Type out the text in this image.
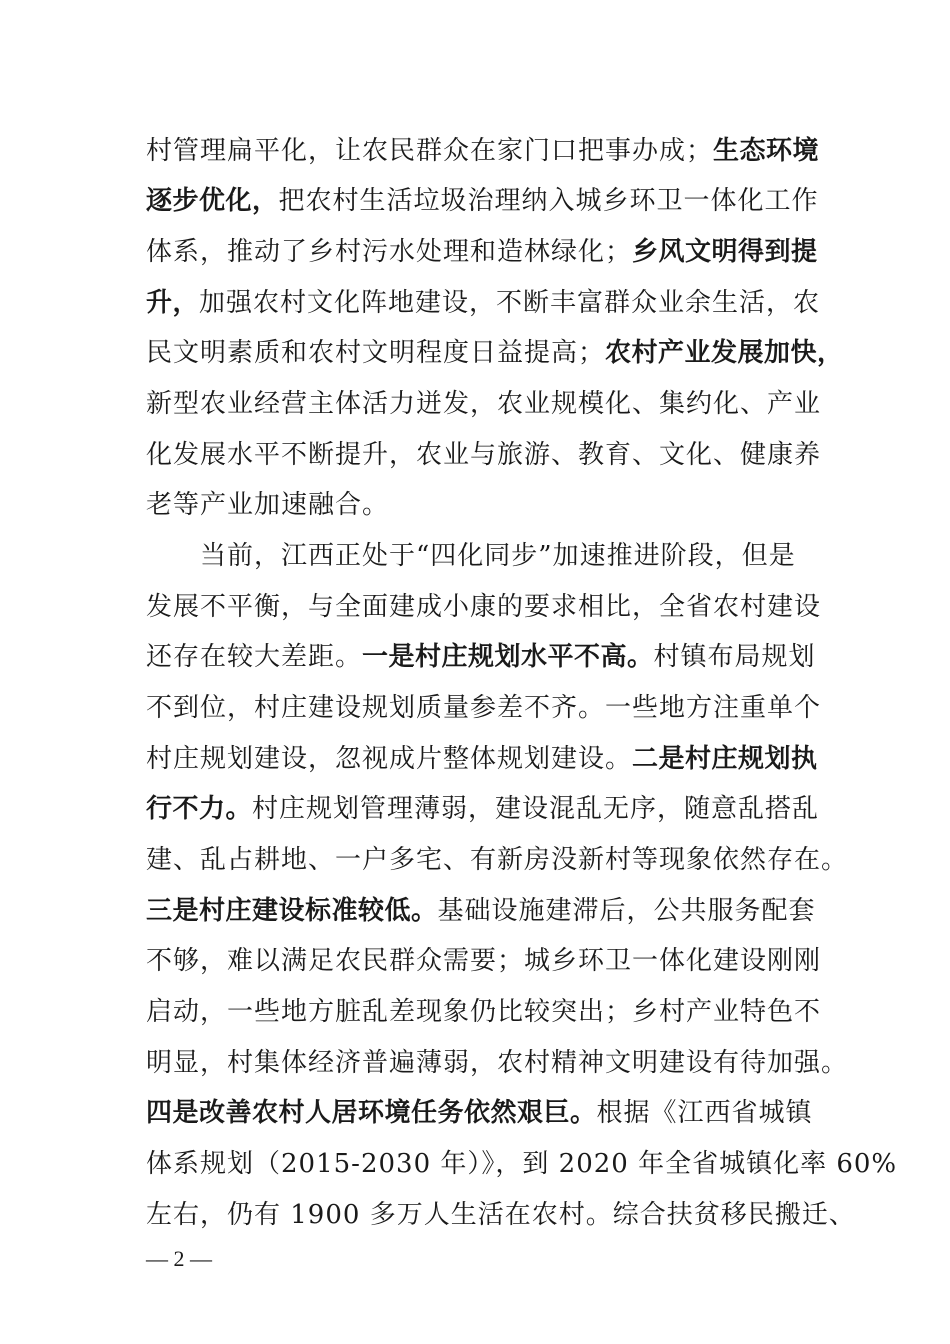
村管理扁平化，让农民群众在家门口把事办成；生态环境
逐步优化，把农村生活垃圾治理纳入城乡环卫一体化工作
体系，推动了乡村污水处理和造林绿化；乡风文明得到提
升，加强农村文化阵地建设，不断丰富群众业余生活，农
民文明素质和农村文明程度日益提高；农村产业发展加快，
新型农业经营主体活力迸发，农业规模化、集约化、产业
化发展水平不断提升，农业与旅游、教育、文化、健康养
老等产业加速融合。
当前，江西正处于“四化同步”加速推进阶段，但是
发展不平衡，与全面建成小康的要求相比，全省农村建设
还存在较大差距。一是村庄规划水平不高。村镇布局规划
不到位，村庄建设规划质量参差不齐。一些地方注重单个
村庄规划建设，忽视成片整体规划建设。二是村庄规划执
行不力。村庄规划管理薄弱，建设混乱无序，随意乱搭乱
建、乱占耕地、一户多宅、有新房没新村等现象依然存在。
三是村庄建设标准较低。基础设施建滞后，公共服务配套
不够，难以满足农民群众需要；城乡环卫一体化建设刚刚
启动，一些地方脏乱差现象仍比较突出；乡村产业特色不
明显，村集体经济普遍薄弱，农村精神文明建设有待加强。
四是改善农村人居环境任务依然艰巨。根据《江西省城镇
体系规划（2015-2030 年）》，到 2020 年全省城镇化率 60%
左右，仍有 1900 多万人生活在农村。综合扶贫移民搬迁、
— 2 —
